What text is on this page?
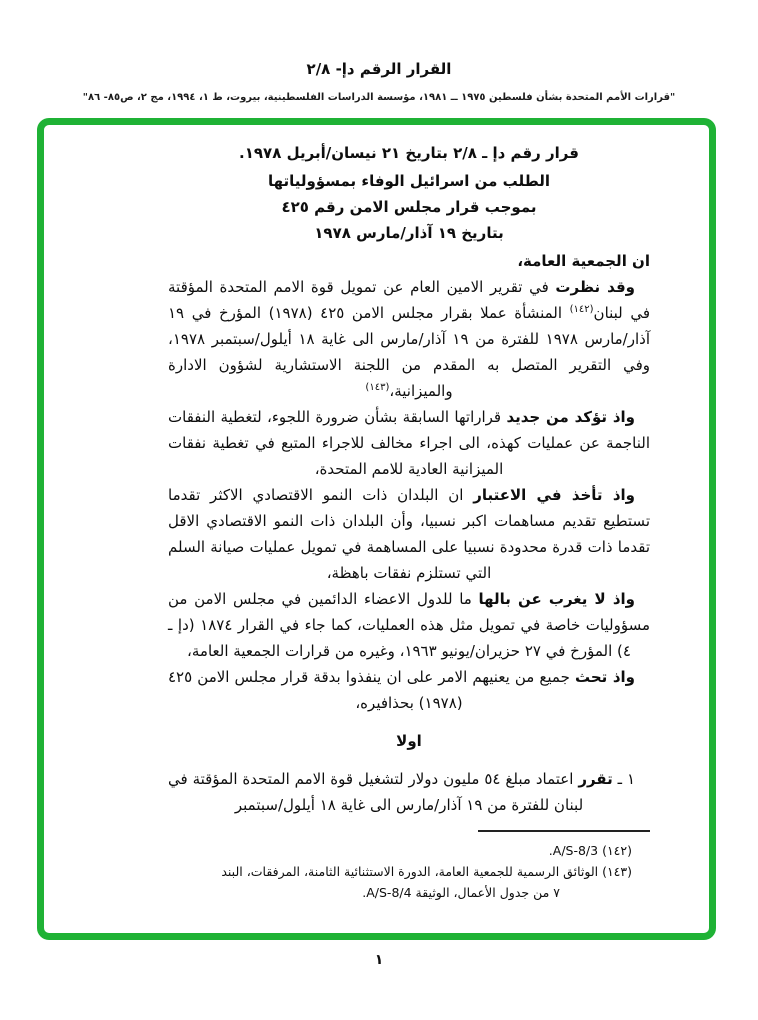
القرار الرقم دإ- ٢/٨
"قرارات الأمم المتحدة بشأن فلسطين ١٩٧٥ ــ ١٩٨١، مؤسسة الدراسات الفلسطينية، بيروت، ط ١، ١٩٩٤، مج ٢، ص٨٥- ٨٦"
قرار رقم دإ ـ ٢/٨ بتاريخ ٢١ نيسان/أبريل ١٩٧٨.
الطلب من اسرائيل الوفاء بمسؤولياتها
بموجب قرار مجلس الامن رقم ٤٢٥
بتاريخ ١٩ آذار/مارس ١٩٧٨
ان الجمعية العامة،
وقد نظرت في تقرير الامين العام عن تمويل قوة الامم المتحدة المؤقتة في لبنان$^{(١٤٢)}$ المنشأة عملا بقرار مجلس الامن ٤٢٥ (١٩٧٨) المؤرخ في ١٩ آذار/مارس ١٩٧٨ للفترة من ١٩ آذار/مارس الى غاية ١٨ أيلول/سبتمبر ١٩٧٨، وفي التقرير المتصل به المقدم من اللجنة الاستشارية لشؤون الادارة والميزانية،$^{(١٤٣)}$
واذ تؤكد من جديد قراراتها السابقة بشأن ضرورة اللجوء، لتغطية النفقات الناجمة عن عمليات كهذه، الى اجراء مخالف للاجراء المتبع في تغطية نفقات الميزانية العادية للامم المتحدة،
واذ تأخذ في الاعتبار ان البلدان ذات النمو الاقتصادي الاكثر تقدما تستطيع تقديم مساهمات اكبر نسبيا، وأن البلدان ذات النمو الاقتصادي الاقل تقدما ذات قدرة محدودة نسبيا على المساهمة في تمويل عمليات صيانة السلم التي تستلزم نفقات باهظة،
واذ لا يغرب عن بالها ما للدول الاعضاء الدائمين في مجلس الامن من مسؤوليات خاصة في تمويل مثل هذه العمليات، كما جاء في القرار ١٨٧٤ (دإ ـ ٤) المؤرخ في ٢٧ حزيران/يونيو ١٩٦٣، وغيره من قرارات الجمعية العامة،
واذ تحث جميع من يعنيهم الامر على ان ينفذوا بدقة قرار مجلس الامن ٤٢٥ (١٩٧٨) بحذافيره،
اولا
١ ـ تقرر اعتماد مبلغ ٥٤ مليون دولار لتشغيل قوة الامم المتحدة المؤقتة في لبنان للفترة من ١٩ آذار/مارس الى غاية ١٨ أيلول/سبتمبر
(١٤٢) A/S-8/3.
(١٤٣) الوثائق الرسمية للجمعية العامة، الدورة الاستثنائية الثامنة، المرفقات، البند
٧ من جدول الأعمال، الوثيقة A/S-8/4.
١
